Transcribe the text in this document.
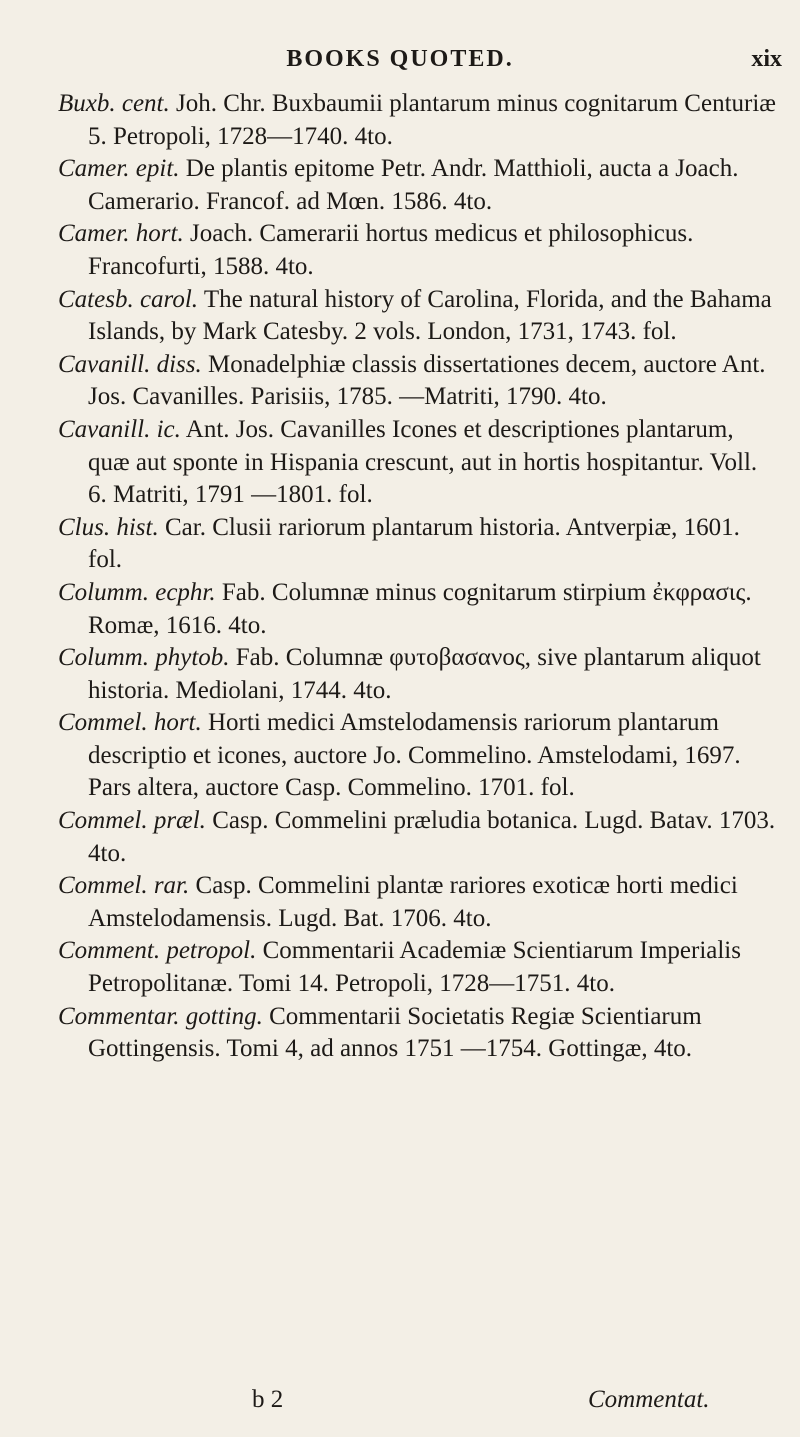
BOOKS QUOTED.	xix

Buxb. cent. Joh. Chr. Buxbaumii plantarum minus cognitarum Centuriæ 5. Petropoli, 1728—1740. 4to.

Camer. epit. De plantis epitome Petr. Andr. Matthioli, aucta a Joach. Camerario. Francof. ad Mœn. 1586. 4to.

Camer. hort. Joach. Camerarii hortus medicus et philosophicus. Francofurti, 1588. 4to.

Catesb. carol. The natural history of Carolina, Florida, and the Bahama Islands, by Mark Catesby. 2 vols. London, 1731, 1743. fol.

Cavanill. diss. Monadelphiæ classis dissertationes decem, auctore Ant. Jos. Cavanilles. Parisiis, 1785. —Matriti, 1790. 4to.

Cavanill. ic. Ant. Jos. Cavanilles Icones et descriptiones plantarum, quæ aut sponte in Hispania crescunt, aut in hortis hospitantur. Voll. 6. Matriti, 1791 —1801. fol.

Clus. hist. Car. Clusii rariorum plantarum historia. Antverpiæ, 1601. fol.

Columm. ecphr. Fab. Columnæ minus cognitarum stirpium ἐκφρασις. Romæ, 1616. 4to.

Columm. phytob. Fab. Columnæ φυτοβασανος, sive plantarum aliquot historia. Mediolani, 1744. 4to.

Commel. hort. Horti medici Amstelodamensis rariorum plantarum descriptio et icones, auctore Jo. Commelino. Amstelodami, 1697. Pars altera, auctore Casp. Commelino. 1701. fol.

Commel. præl. Casp. Commelini præludia botanica. Lugd. Batav. 1703. 4to.

Commel. rar. Casp. Commelini plantæ rariores exoticæ horti medici Amstelodamensis. Lugd. Bat. 1706. 4to.

Comment. petropol. Commentarii Academiæ Scientiarum Imperialis Petropolitanæ. Tomi 14. Petropoli, 1728—1751. 4to.

Commentar. gotting. Commentarii Societatis Regiæ Scientiarum Gottingensis. Tomi 4, ad annos 1751 —1754. Gottingæ, 4to.

b 2	Commentat.
